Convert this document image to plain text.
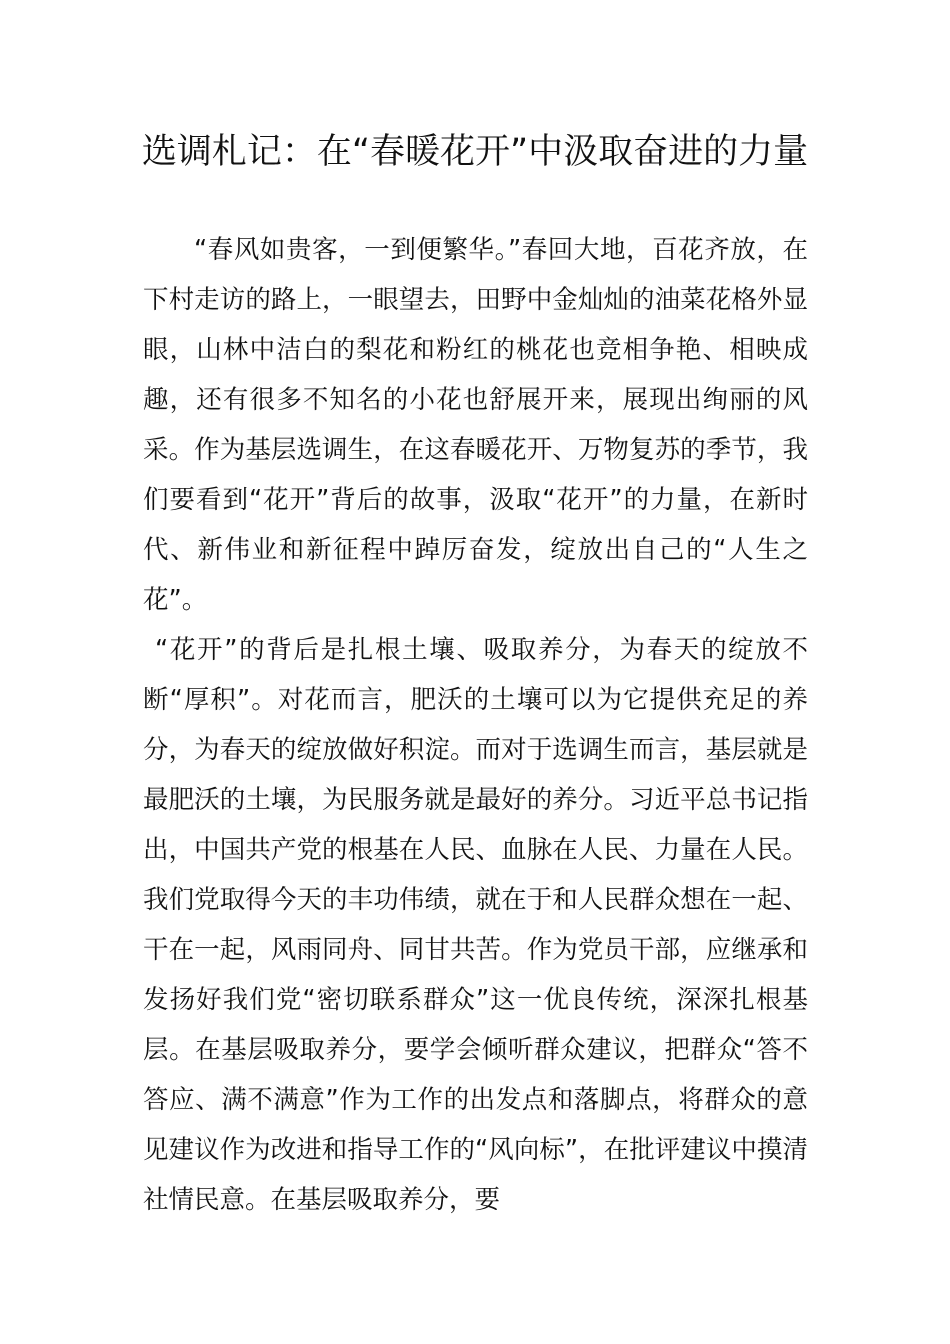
选调札记：在“春暖花开”中汲取奋进的力量

“春风如贵客，一到便繁华。”春回大地，百花齐放，在下村走访的路上，一眼望去，田野中金灿灿的油菜花格外显眼，山林中洁白的梨花和粉红的桃花也竞相争艳、相映成趣，还有很多不知名的小花也舒展开来，展现出绚丽的风采。作为基层选调生，在这春暖花开、万物复苏的季节，我们要看到“花开”背后的故事，汲取“花开”的力量，在新时代、新伟业和新征程中踔厉奋发，绽放出自己的“人生之花”。

“花开”的背后是扎根土壤、吸取养分，为春天的绽放不断“厚积”。对花而言，肥沃的土壤可以为它提供充足的养分，为春天的绽放做好积淀。而对于选调生而言，基层就是最肥沃的土壤，为民服务就是最好的养分。习近平总书记指出，中国共产党的根基在人民、血脉在人民、力量在人民。我们党取得今天的丰功伟绩，就在于和人民群众想在一起、干在一起，风雨同舟、同甘共苦。作为党员干部，应继承和发扬好我们党“密切联系群众”这一优良传统，深深扎根基层。在基层吸取养分，要学会倾听群众建议，把群众“答不答应、满不满意”作为工作的出发点和落脚点，将群众的意见建议作为改进和指导工作的“风向标”，在批评建议中摸清社情民意。在基层吸取养分，要
